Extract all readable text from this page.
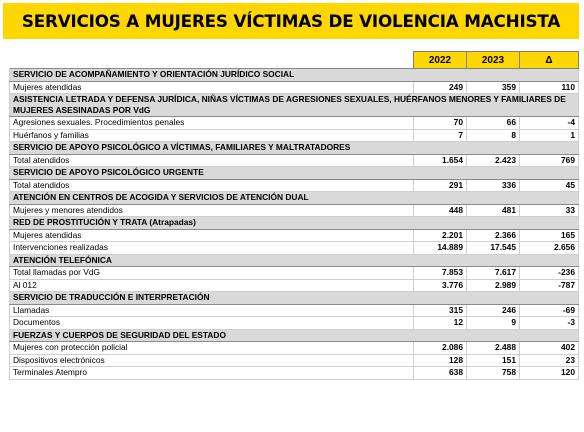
SERVICIOS A MUJERES VÍCTIMAS DE VIOLENCIA MACHISTA
	2022	2023	Δ
SERVICIO DE ACOMPAÑAMIENTO Y ORIENTACIÓN JURÍDICO SOCIAL			
Mujeres atendidas	249	359	110
ASISTENCIA LETRADA Y DEFENSA JURÍDICA, NIÑAS VÍCTIMAS DE AGRESIONES SEXUALES, HUÉRFANOS MENORES Y FAMILIARES DE MUJERES ASESINADAS POR VdG			
Agresiones sexuales. Procedimientos penales	70	66	-4
Huérfanos y familias	7	8	1
SERVICIO DE APOYO PSICOLÓGICO A VÍCTIMAS, FAMILIARES Y MALTRATADORES			
Total atendidos	1.654	2.423	769
SERVICIO DE APOYO PSICOLÓGICO URGENTE			
Total atendidos	291	336	45
ATENCIÓN EN CENTROS DE ACOGIDA Y SERVICIOS DE ATENCIÓN DUAL			
Mujeres y menores atendidos	448	481	33
RED DE PROSTITUCIÓN Y TRATA (Atrapadas)			
Mujeres atendidas	2.201	2.366	165
Intervenciones realizadas	14.889	17.545	2.656
ATENCIÓN TELEFÓNICA			
Total llamadas por VdG	7.853	7.617	-236
Al 012	3.776	2.989	-787
SERVICIO DE TRADUCCIÓN E INTERPRETACIÓN			
Llamadas	315	246	-69
Documentos	12	9	-3
FUERZAS Y CUERPOS DE SEGURIDAD DEL ESTADO			
Mujeres con protección policial	2.086	2.488	402
Dispositivos electrónicos	128	151	23
Terminales Atempro	638	758	120
